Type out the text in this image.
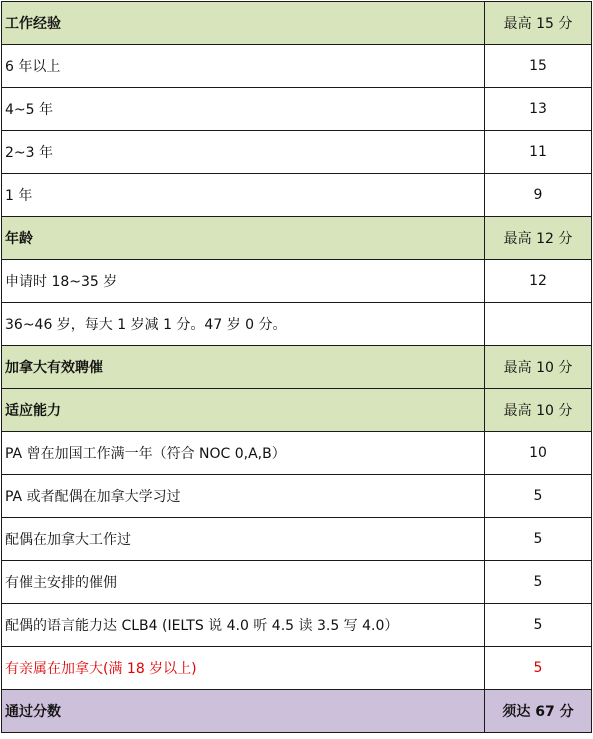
工作经验	最高 15 分
6 年以上	15
4~5 年	13
2~3 年	11
1 年	9
年龄	最高 12 分
申请时 18~35 岁	12
36~46 岁，每大 1 岁减 1 分。47 岁 0 分。	
加拿大有效聘催	最高 10 分
适应能力	最高 10 分
PA 曾在加国工作满一年（符合 NOC 0,A,B）	10
PA 或者配偶在加拿大学习过	5
配偶在加拿大工作过	5
有催主安排的催佣	5
配偶的语言能力达 CLB4 (IELTS 说 4.0 听 4.5 读 3.5 写 4.0）	5
有亲属在加拿大(满 18 岁以上)	5
通过分数	须达 67 分
